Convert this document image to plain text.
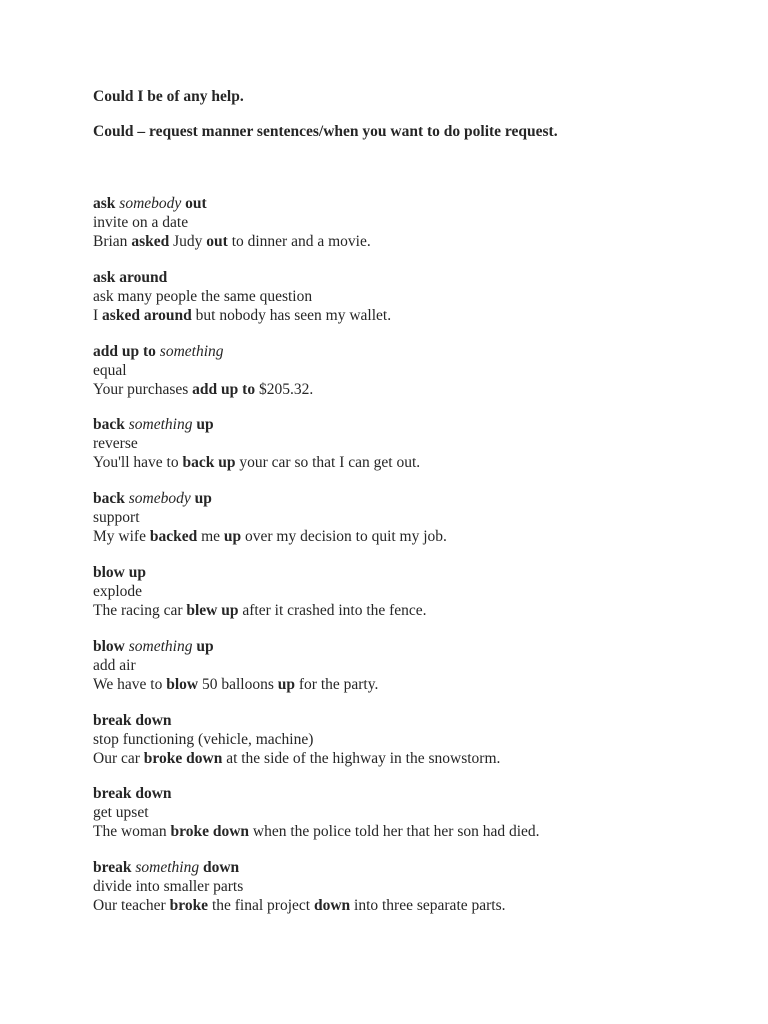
Could I be of any help.

Could – request manner sentences/when you want to do polite request.

ask somebody out
invite on a date
Brian asked Judy out to dinner and a movie.
ask around
ask many people the same question
I asked around but nobody has seen my wallet.
add up to something
equal
Your purchases add up to $205.32.
back something up
reverse
You'll have to back up your car so that I can get out.
back somebody up
support
My wife backed me up over my decision to quit my job.
blow up
explode
The racing car blew up after it crashed into the fence.
blow something up
add air
We have to blow 50 balloons up for the party.
break down
stop functioning (vehicle, machine)
Our car broke down at the side of the highway in the snowstorm.
break down
get upset
The woman broke down when the police told her that her son had died.
break something down
divide into smaller parts
Our teacher broke the final project down into three separate parts.
